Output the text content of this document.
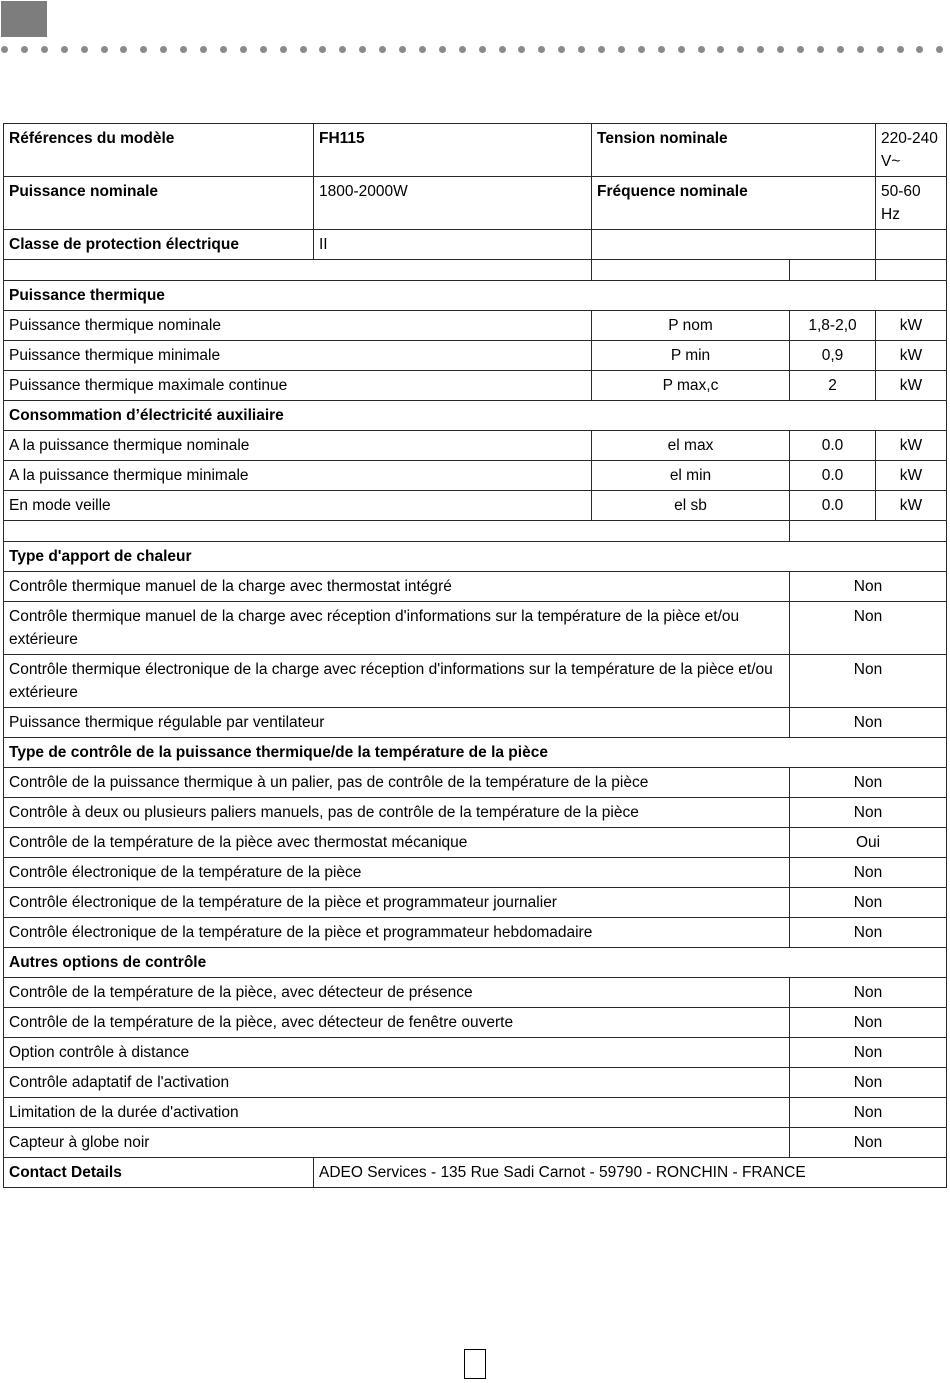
Références du modèle	FH115	Tension nominale		220-240 V~
Puissance nominale	1800-2000W	Fréquence nominale		50-60 Hz
Classe de protection électrique	II			

Puissance thermique				
Puissance thermique nominale		P nom	1,8-2,0	kW
Puissance thermique minimale		P min	0,9	kW
Puissance thermique maximale continue		P max,c	2	kW
Consommation d’électricité auxiliaire				
A la puissance thermique nominale		el max	0.0	kW
A la puissance thermique minimale		el min	0.0	kW
En mode veille		el sb	0.0	kW

Type d'apport de chaleur				
Contrôle thermique manuel de la charge avec thermostat intégré			Non	
Contrôle thermique manuel de la charge avec réception d'informations sur la température de la pièce et/ou extérieure			Non	
Contrôle thermique électronique de la charge avec réception d'informations sur la température de la pièce et/ou extérieure			Non	
Puissance thermique régulable par ventilateur			Non	
Type de contrôle de la puissance thermique/de la température de la pièce				
Contrôle de la puissance thermique à un palier, pas de contrôle de la température de la pièce			Non	
Contrôle à deux ou plusieurs paliers manuels, pas de contrôle de la température de la pièce			Non	
Contrôle de la température de la pièce avec thermostat mécanique			Oui	
Contrôle électronique de la température de la pièce			Non	
Contrôle électronique de la température de la pièce et programmateur journalier			Non	
Contrôle électronique de la température de la pièce et programmateur hebdomadaire			Non	
Autres options de contrôle				
Contrôle de la température de la pièce, avec détecteur de présence			Non	
Contrôle de la température de la pièce, avec détecteur de fenêtre ouverte			Non	
Option contrôle à distance			Non	
Contrôle adaptatif de l'activation			Non	
Limitation de la durée d'activation			Non	
Capteur à globe noir			Non	
Contact Details	ADEO Services - 135 Rue Sadi Carnot - 59790 - RONCHIN - FRANCE			
